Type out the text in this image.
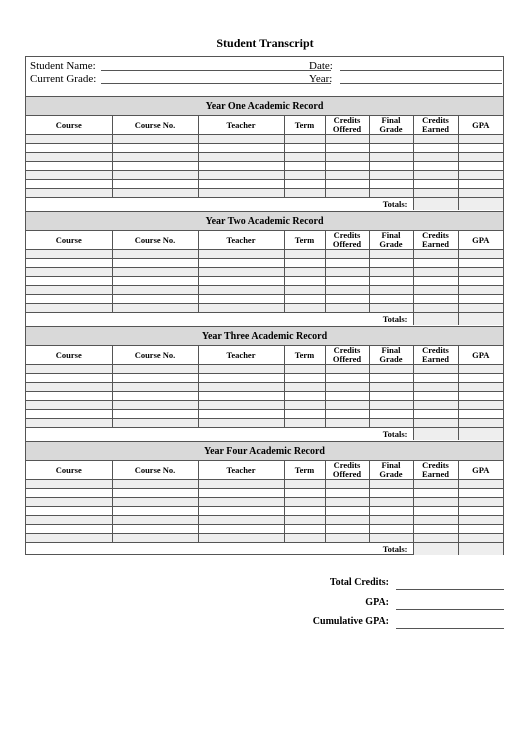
Student Transcript
Student Name:	Date:
Current Grade:	Year:
Year One Academic Record
Course	Course No.	Teacher	Term	Credits Offered	Final Grade	Credits Earned	GPA

Totals:							
Year Two Academic Record
Course	Course No.	Teacher	Term	Credits Offered	Final Grade	Credits Earned	GPA

Totals:							
Year Three Academic Record
Course	Course No.	Teacher	Term	Credits Offered	Final Grade	Credits Earned	GPA

Totals:							
Year Four Academic Record
Course	Course No.	Teacher	Term	Credits Offered	Final Grade	Credits Earned	GPA

Totals:							
Total Credits:
GPA:
Cumulative GPA:
